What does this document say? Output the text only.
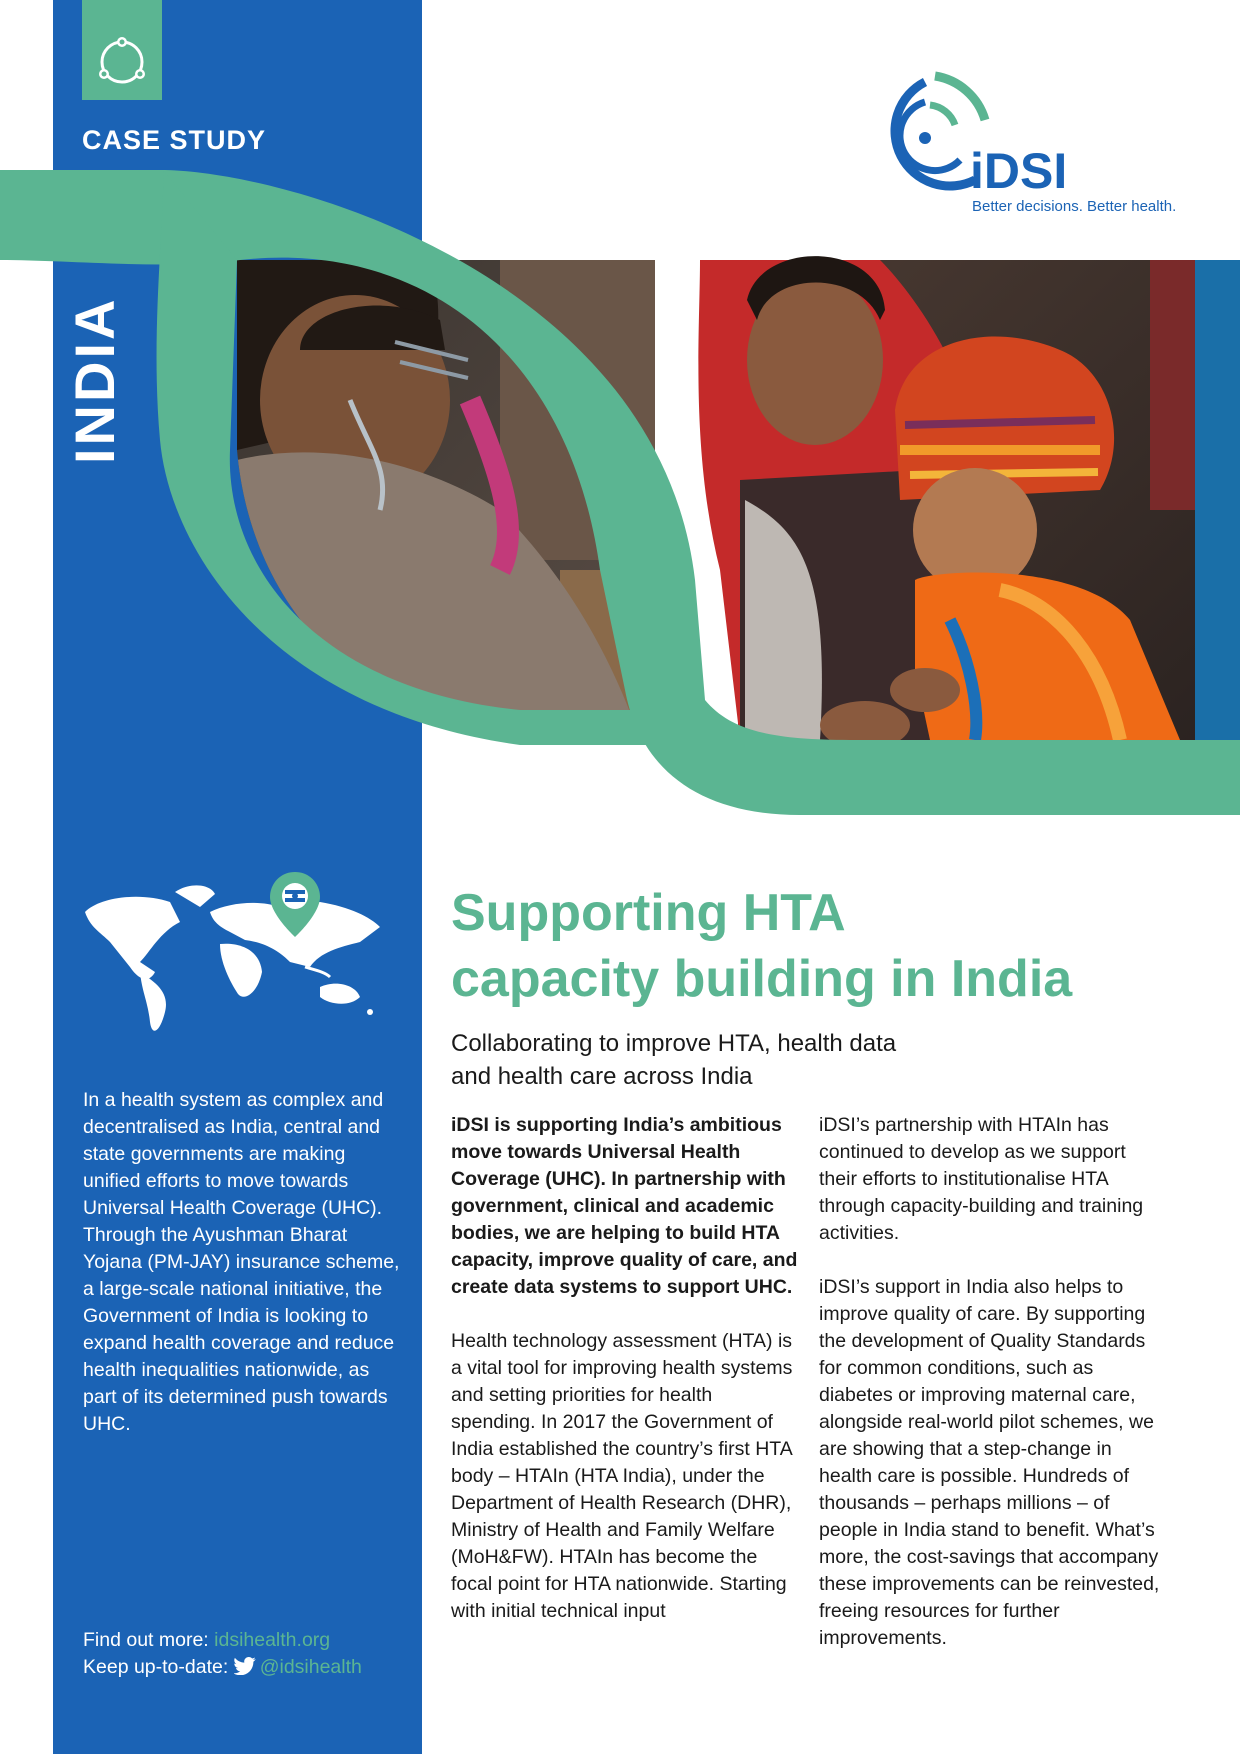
CASE STUDY
INDIA
iDSI
Better decisions. Better health.
In a health system as complex and decentralised as India, central and state governments are making unified efforts to move towards Universal Health Coverage (UHC). Through the Ayushman Bharat Yojana (PM-JAY) insurance scheme, a large-scale national initiative, the Government of India is looking to expand health coverage and reduce health inequalities nationwide, as part of its determined push towards UHC.
Find out more: idsihealth.org
Keep up-to-date: @idsihealth
Supporting HTA
capacity building in India
Collaborating to improve HTA, health data
and health care across India

iDSI is supporting India’s ambitious move towards Universal Health Coverage (UHC). In partnership with government, clinical and academic bodies, we are helping to build HTA capacity, improve quality of care, and create data systems to support UHC.

Health technology assessment (HTA) is a vital tool for improving health systems and setting priorities for health spending. In 2017 the Government of India established the country’s first HTA body – HTAIn (HTA India), under the Department of Health Research (DHR), Ministry of Health and Family Welfare (MoH&FW). HTAIn has become the focal point for HTA nationwide. Starting with initial technical input

iDSI’s partnership with HTAIn has continued to develop as we support their efforts to institutionalise HTA through capacity-building and training activities.

iDSI’s support in India also helps to improve quality of care. By supporting the development of Quality Standards for common conditions, such as diabetes or improving maternal care, alongside real-world pilot schemes, we are showing that a step-change in health care is possible. Hundreds of thousands – perhaps millions – of people in India stand to benefit. What’s more, the cost-savings that accompany these improvements can be reinvested, freeing resources for further improvements.
